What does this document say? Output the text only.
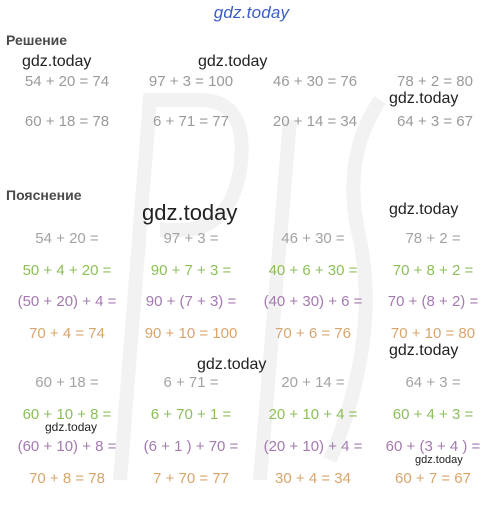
gdz.today
Решение
Пояснение
gdz.today	gdz.today
gdz.today
gdz.today	gdz.today
gdz.today
gdz.today
gdz.today
gdz.today
54 + 20 = 74	97 + 3 = 100	46 + 30 = 76	78 + 2 = 80
60 + 18 = 78	6 + 71 = 77	20 + 14 = 34	64 + 3 = 67
54 + 20 =	97 + 3 =	46 + 30 =	78 + 2 =
50 + 4 + 20 =	90 + 7 + 3 =	40 + 6 + 30 =	70 + 8 + 2 =
(50 + 20) + 4 =	90 + (7 + 3) =	(40 + 30) + 6 =	70 + (8 + 2) =
70 + 4 = 74	90 + 10 = 100	70 + 6 = 76	70 + 10 = 80
60 + 18 =	6 + 71 =	20 + 14 =	64 + 3 =
60 + 10 + 8 =	6 + 70 + 1 =	20 + 10 + 4 =	60 + 4 + 3 =
(60 + 10) + 8 =	(6 + 1 ) + 70 =	(20 + 10) + 4 =	60 + (3 + 4 ) =
70 + 8 = 78	7 + 70 = 77	30 + 4 = 34	60 + 7 = 67
